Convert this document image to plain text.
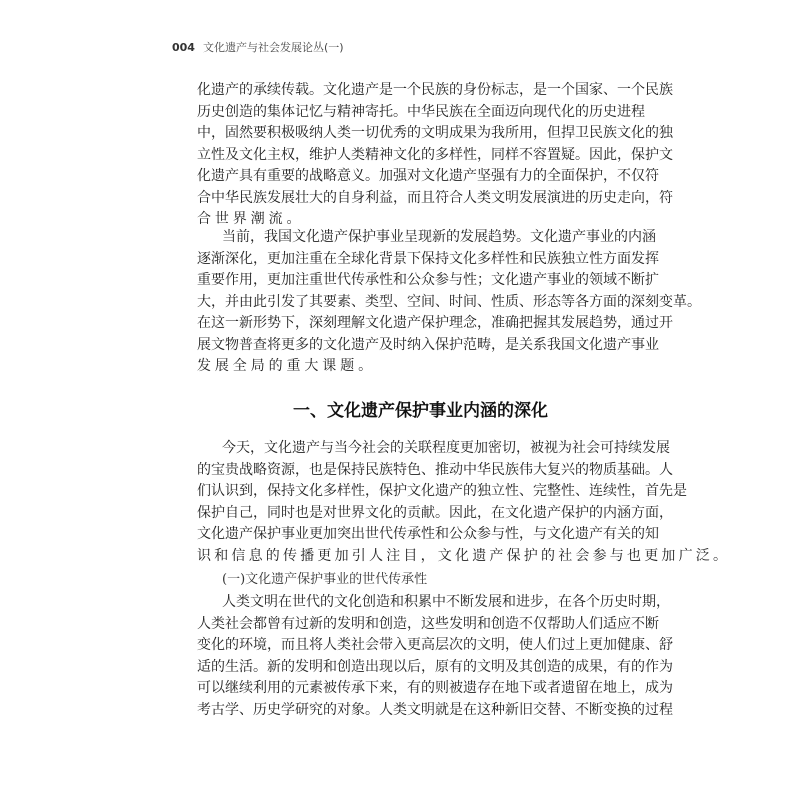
004 文化遗产与社会发展论丛(一)
化遗产的承续传载。文化遗产是一个民族的身份标志，是一个国家、一个民族
历史创造的集体记忆与精神寄托。中华民族在全面迈向现代化的历史进程
中，固然要积极吸纳人类一切优秀的文明成果为我所用，但捍卫民族文化的独
立性及文化主权，维护人类精神文化的多样性，同样不容置疑。因此，保护文
化遗产具有重要的战略意义。加强对文化遗产坚强有力的全面保护，不仅符
合中华民族发展壮大的自身利益，而且符合人类文明发展演进的历史走向，符
合世界潮流。
当前，我国文化遗产保护事业呈现新的发展趋势。文化遗产事业的内涵
逐渐深化，更加注重在全球化背景下保持文化多样性和民族独立性方面发挥
重要作用，更加注重世代传承性和公众参与性；文化遗产事业的领域不断扩
大，并由此引发了其要素、类型、空间、时间、性质、形态等各方面的深刻变革。
在这一新形势下，深刻理解文化遗产保护理念，准确把握其发展趋势，通过开
展文物普查将更多的文化遗产及时纳入保护范畴，是关系我国文化遗产事业
发展全局的重大课题。
一、文化遗产保护事业内涵的深化
今天，文化遗产与当今社会的关联程度更加密切，被视为社会可持续发展
的宝贵战略资源，也是保持民族特色、推动中华民族伟大复兴的物质基础。人
们认识到，保持文化多样性，保护文化遗产的独立性、完整性、连续性，首先是
保护自己，同时也是对世界文化的贡献。因此，在文化遗产保护的内涵方面，
文化遗产保护事业更加突出世代传承性和公众参与性，与文化遗产有关的知
识和信息的传播更加引人注目，文化遗产保护的社会参与也更加广泛。
(一)文化遗产保护事业的世代传承性
人类文明在世代的文化创造和积累中不断发展和进步，在各个历史时期，
人类社会都曾有过新的发明和创造，这些发明和创造不仅帮助人们适应不断
变化的环境，而且将人类社会带入更高层次的文明，使人们过上更加健康、舒
适的生活。新的发明和创造出现以后，原有的文明及其创造的成果，有的作为
可以继续利用的元素被传承下来，有的则被遗存在地下或者遗留在地上，成为
考古学、历史学研究的对象。人类文明就是在这种新旧交替、不断变换的过程
